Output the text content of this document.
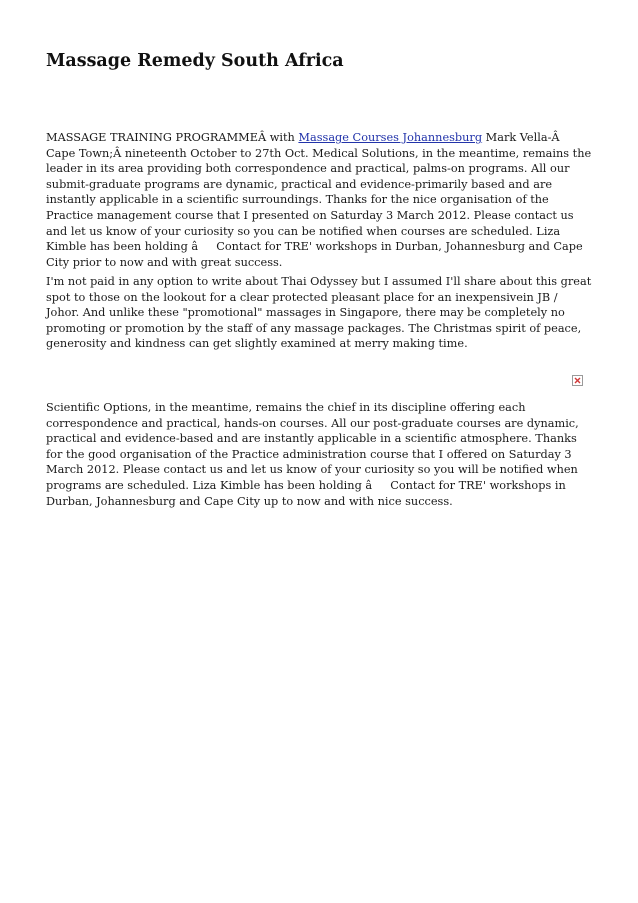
Massage Remedy South Africa

MASSAGE TRAINING PROGRAMMEÂ with Massage Courses Johannesburg Mark Vella-Â Cape Town;Â nineteenth October to 27th Oct. Medical Solutions, in the meantime, remains the leader in its area providing both correspondence and practical, palms-on programs. All our submit-graduate programs are dynamic, practical and evidence-primarily based and are instantly applicable in a scientific surroundings. Thanks for the nice organisation of the Practice management course that I presented on Saturday 3 March 2012. Please contact us and let us know of your curiosity so you can be notified when courses are scheduled. Liza Kimble has been holding âContact for TRE' workshops in Durban, Johannesburg and Cape City prior to now and with great success.

I'm not paid in any option to write about Thai Odyssey but I assumed I'll share about this great spot to those on the lookout for a clear protected pleasant place for an inexpensivein JB / Johor. And unlike these "promotional" massages in Singapore, there may be completely no promoting or promotion by the staff of any massage packages. The Christmas spirit of peace, generosity and kindness can get slightly examined at merry making time.

Scientific Options, in the meantime, remains the chief in its discipline offering each correspondence and practical, hands-on courses. All our post-graduate courses are dynamic, practical and evidence-based and are instantly applicable in a scientific atmosphere. Thanks for the good organisation of the Practice administration course that I offered on Saturday 3 March 2012. Please contact us and let us know of your curiosity so you will be notified when programs are scheduled. Liza Kimble has been holding âContact for TRE' workshops in Durban, Johannesburg and Cape City up to now and with nice success.
